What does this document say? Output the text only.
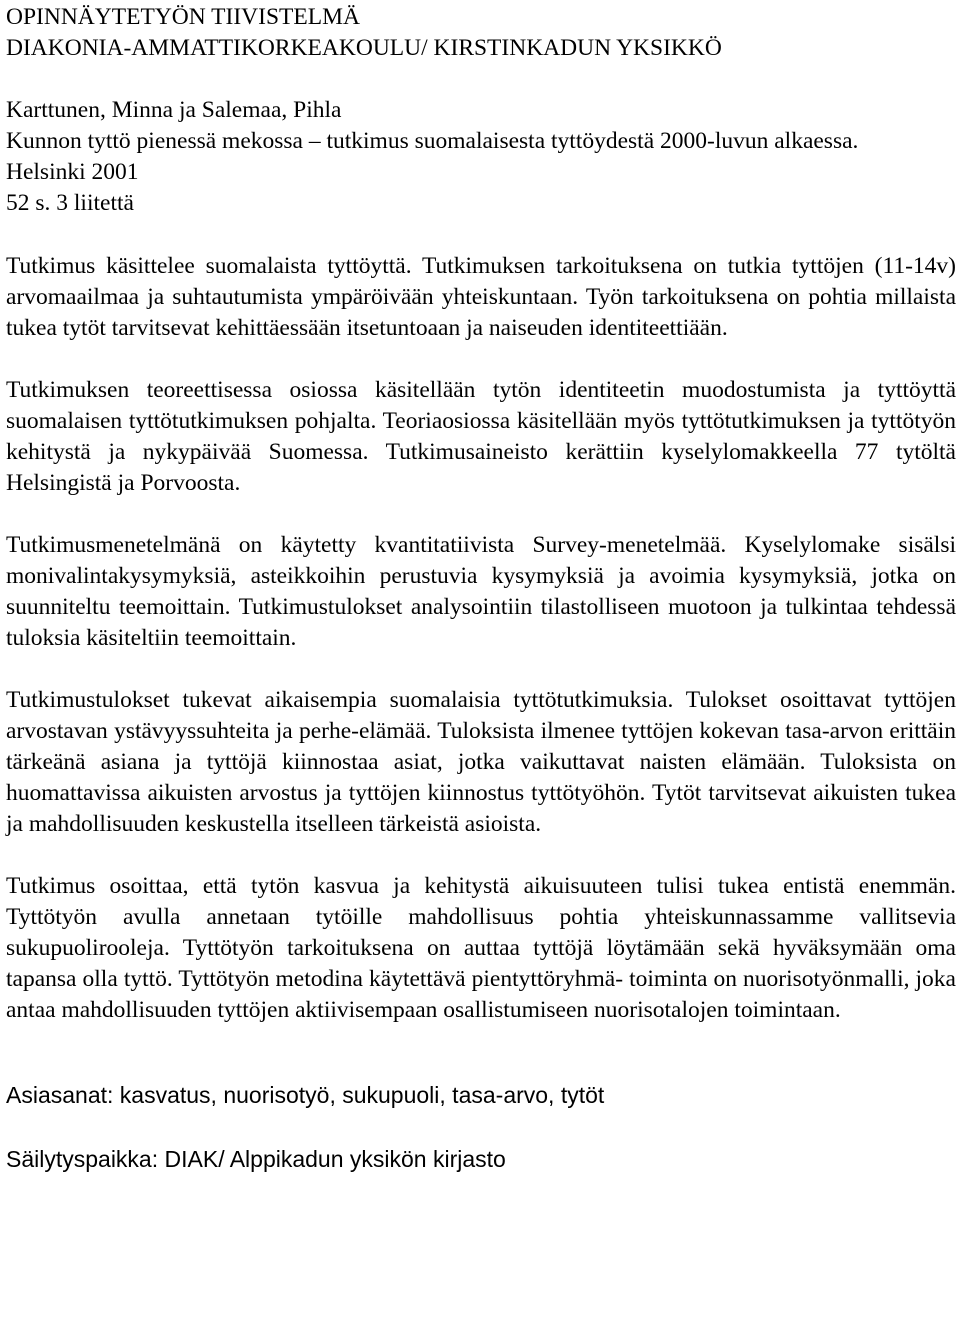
OPINNÄYTETYÖN TIIVISTELMÄ

DIAKONIA-AMMATTIKORKEAKOULU/ KIRSTINKADUN YKSIKKÖ

Karttunen, Minna ja Salemaa, Pihla

Kunnon tyttö pienessä mekossa – tutkimus suomalaisesta tyttöydestä 2000-luvun alkaessa.

Helsinki 2001

52 s. 3 liitettä

Tutkimus käsittelee suomalaista tyttöyttä. Tutkimuksen tarkoituksena on tutkia tyttöjen (11-14v) arvomaailmaa ja suhtautumista ympäröivään yhteiskuntaan. Työn tarkoituksena on pohtia millaista tukea tytöt tarvitsevat kehittäessään itsetuntoaan ja naiseuden identiteettiään.

Tutkimuksen teoreettisessa osiossa käsitellään tytön identiteetin muodostumista ja tyttöyttä suomalaisen tyttötutkimuksen pohjalta. Teoriaosiossa käsitellään myös tyttötutkimuksen ja tyttötyön kehitystä ja nykypäivää Suomessa. Tutkimusaineisto kerättiin kyselylomakkeella 77 tytöltä Helsingistä ja Porvoosta.

Tutkimusmenetelmänä on käytetty kvantitatiivista Survey-menetelmää. Kyselylomake sisälsi monivalintakysymyksiä, asteikkoihin perustuvia kysymyksiä ja avoimia kysymyksiä, jotka on suunniteltu teemoittain. Tutkimustulokset analysointiin tilastolliseen muotoon ja tulkintaa tehdessä tuloksia käsiteltiin teemoittain.

Tutkimustulokset tukevat aikaisempia suomalaisia tyttötutkimuksia. Tulokset osoittavat tyttöjen arvostavan ystävyyssuhteita ja perhe-elämää. Tuloksista ilmenee tyttöjen kokevan tasa-arvon erittäin tärkeänä asiana ja tyttöjä kiinnostaa asiat, jotka vaikuttavat naisten elämään. Tuloksista on huomattavissa aikuisten arvostus ja tyttöjen kiinnostus tyttötyöhön. Tytöt tarvitsevat aikuisten tukea ja mahdollisuuden keskustella itselleen tärkeistä asioista.

Tutkimus osoittaa, että tytön kasvua ja kehitystä aikuisuuteen tulisi tukea entistä enemmän. Tyttötyön avulla annetaan tytöille mahdollisuus pohtia yhteiskunnassamme vallitsevia sukupuolirooleja. Tyttötyön tarkoituksena on auttaa tyttöjä löytämään sekä hyväksymään oma tapansa olla tyttö. Tyttötyön metodina käytettävä pientyttöryhmä- toiminta on nuorisotyönmalli, joka antaa mahdollisuuden tyttöjen aktiivisempaan osallistumiseen nuorisotalojen toimintaan.

Asiasanat: kasvatus, nuorisotyö, sukupuoli, tasa-arvo, tytöt

Säilytyspaikka: DIAK/ Alppikadun yksikön kirjasto
